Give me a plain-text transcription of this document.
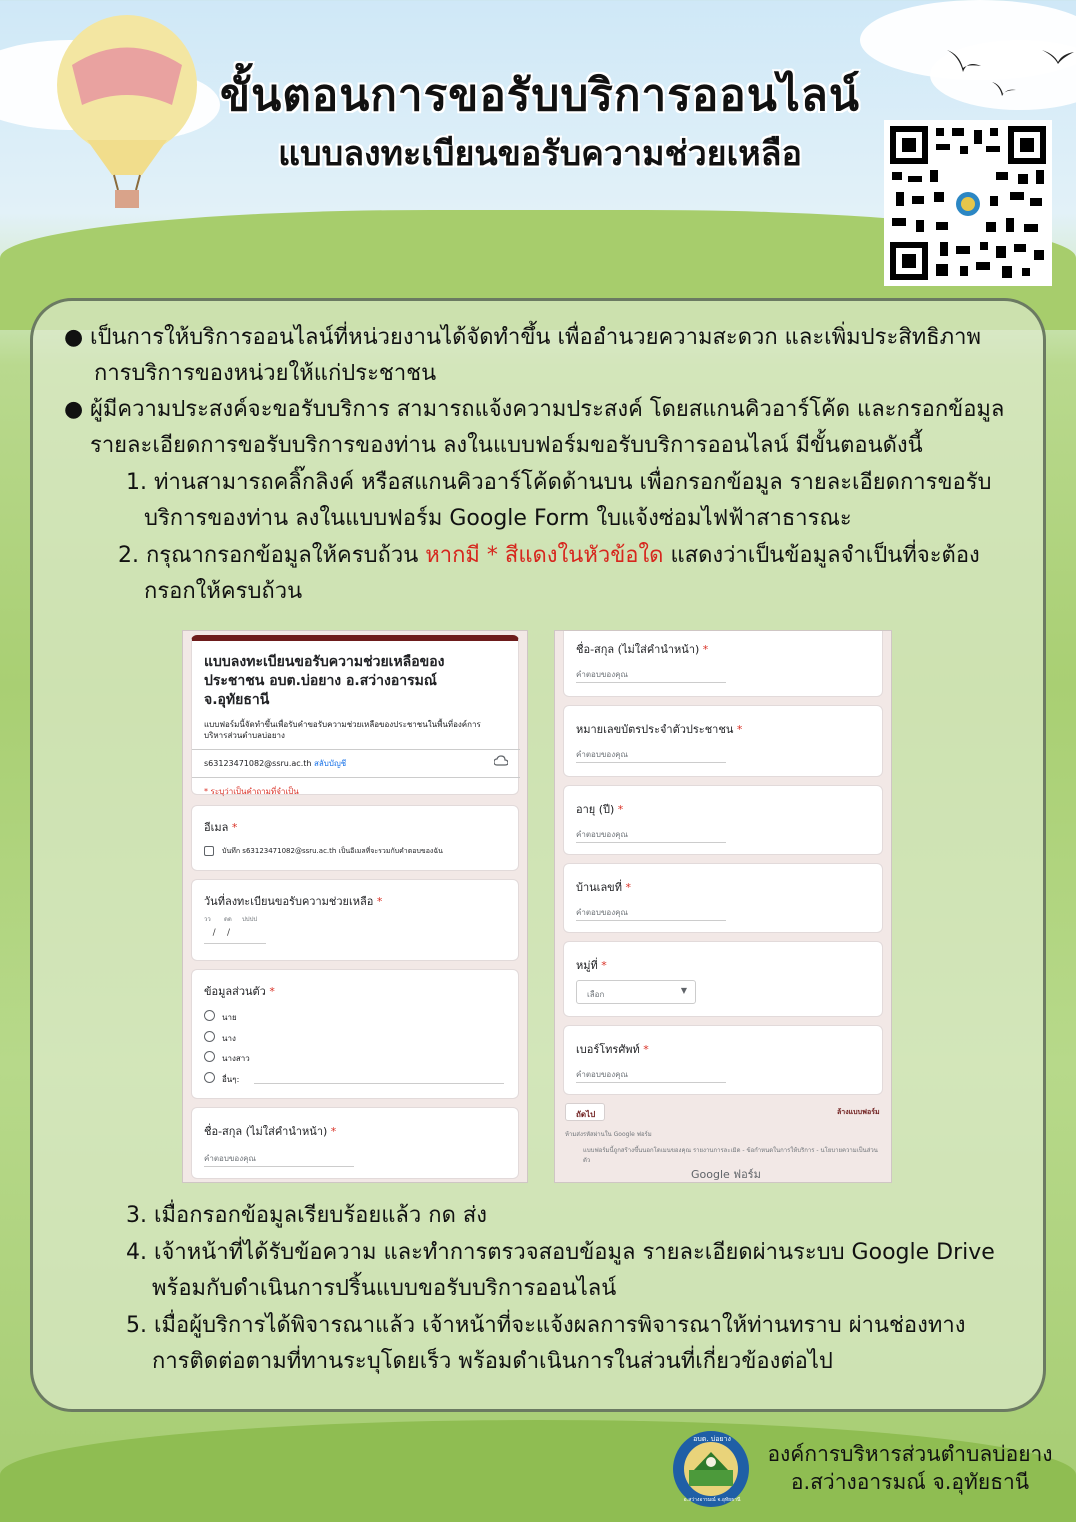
ขั้นตอนการขอรับบริการออนไลน์
แบบลงทะเบียนขอรับความช่วยเหลือ
● เป็นการให้บริการออนไลน์ที่หน่วยงานได้จัดทำขึ้น เพื่ออำนวยความสะดวก และเพิ่มประสิทธิภาพ
การบริการของหน่วยให้แก่ประชาชน
● ผู้มีความประสงค์จะขอรับบริการ สามารถแจ้งความประสงค์ โดยสแกนคิวอาร์โค้ด และกรอกข้อมูล
รายละเอียดการขอรับบริการของท่าน ลงในแบบฟอร์มขอรับบริการออนไลน์ มีขั้นตอนดังนี้
1. ท่านสามารถคลิ๊กลิงค์ หรือสแกนคิวอาร์โค้ดด้านบน เพื่อกรอกข้อมูล รายละเอียดการขอรับ
บริการของท่าน ลงในแบบฟอร์ม Google Form ใบแจ้งซ่อมไฟฟ้าสาธารณะ
2. กรุณากรอกข้อมูลให้ครบถ้วน หากมี * สีแดงในหัวข้อใด แสดงว่าเป็นข้อมูลจำเป็นที่จะต้อง
กรอกให้ครบถ้วน
แบบลงทะเบียนขอรับความช่วยเหลือของ ประชาชน อบต.บ่อยาง อ.สว่างอารมณ์ จ.อุทัยธานี
แบบฟอร์มนี้จัดทำขึ้นเพื่อรับคำขอรับความช่วยเหลือของประชาชนในพื้นที่องค์การบริหารส่วนตำบลบ่อยาง
s63123471082@ssru.ac.th สลับบัญชี
* ระบุว่าเป็นคำถามที่จำเป็น
อีเมล *
บันทึก s63123471082@ssru.ac.th เป็นอีเมลที่จะรวมกับคำตอบของฉัน
วันที่ลงทะเบียนขอรับความช่วยเหลือ *
วว ดด ปปปป
/    /
ข้อมูลส่วนตัว *
นาย
นาง
นางสาว
อื่นๆ:
ชื่อ-สกุล (ไม่ใส่คำนำหน้า) *
คำตอบของคุณ
ชื่อ-สกุล (ไม่ใส่คำนำหน้า) *
คำตอบของคุณ
หมายเลขบัตรประจำตัวประชาชน *
คำตอบของคุณ
อายุ (ปี) *
คำตอบของคุณ
บ้านเลขที่ *
คำตอบของคุณ
หมู่ที่ *
เลือก	▼
เบอร์โทรศัพท์ *
คำตอบของคุณ
ถัดไป	ล้างแบบฟอร์ม
ห้ามส่งรหัสผ่านใน Google ฟอร์ม
แบบฟอร์มนี้ถูกสร้างขึ้นนอกโดเมนของคุณ รายงานการละเมิด - ข้อกำหนดในการให้บริการ - นโยบายความเป็นส่วนตัว
Google ฟอร์ม
3. เมื่อกรอกข้อมูลเรียบร้อยแล้ว กด ส่ง
4. เจ้าหน้าที่ได้รับข้อความ และทำการตรวจสอบข้อมูล รายละเอียดผ่านระบบ Google Drive
พร้อมกับดำเนินการปริ้นแบบขอรับบริการออนไลน์
5. เมื่อผู้บริการได้พิจารณาแล้ว เจ้าหน้าที่จะแจ้งผลการพิจารณาให้ท่านทราบ ผ่านช่องทาง
การติดต่อตามที่ทานระบุโดยเร็ว พร้อมดำเนินการในส่วนที่เกี่ยวข้องต่อไป
อบต. บ่อยาง
อ.สว่างอารมณ์ จ.อุทัยธานี
องค์การบริหารส่วนตำบลบ่อยาง
อ.สว่างอารมณ์ จ.อุทัยธานี
